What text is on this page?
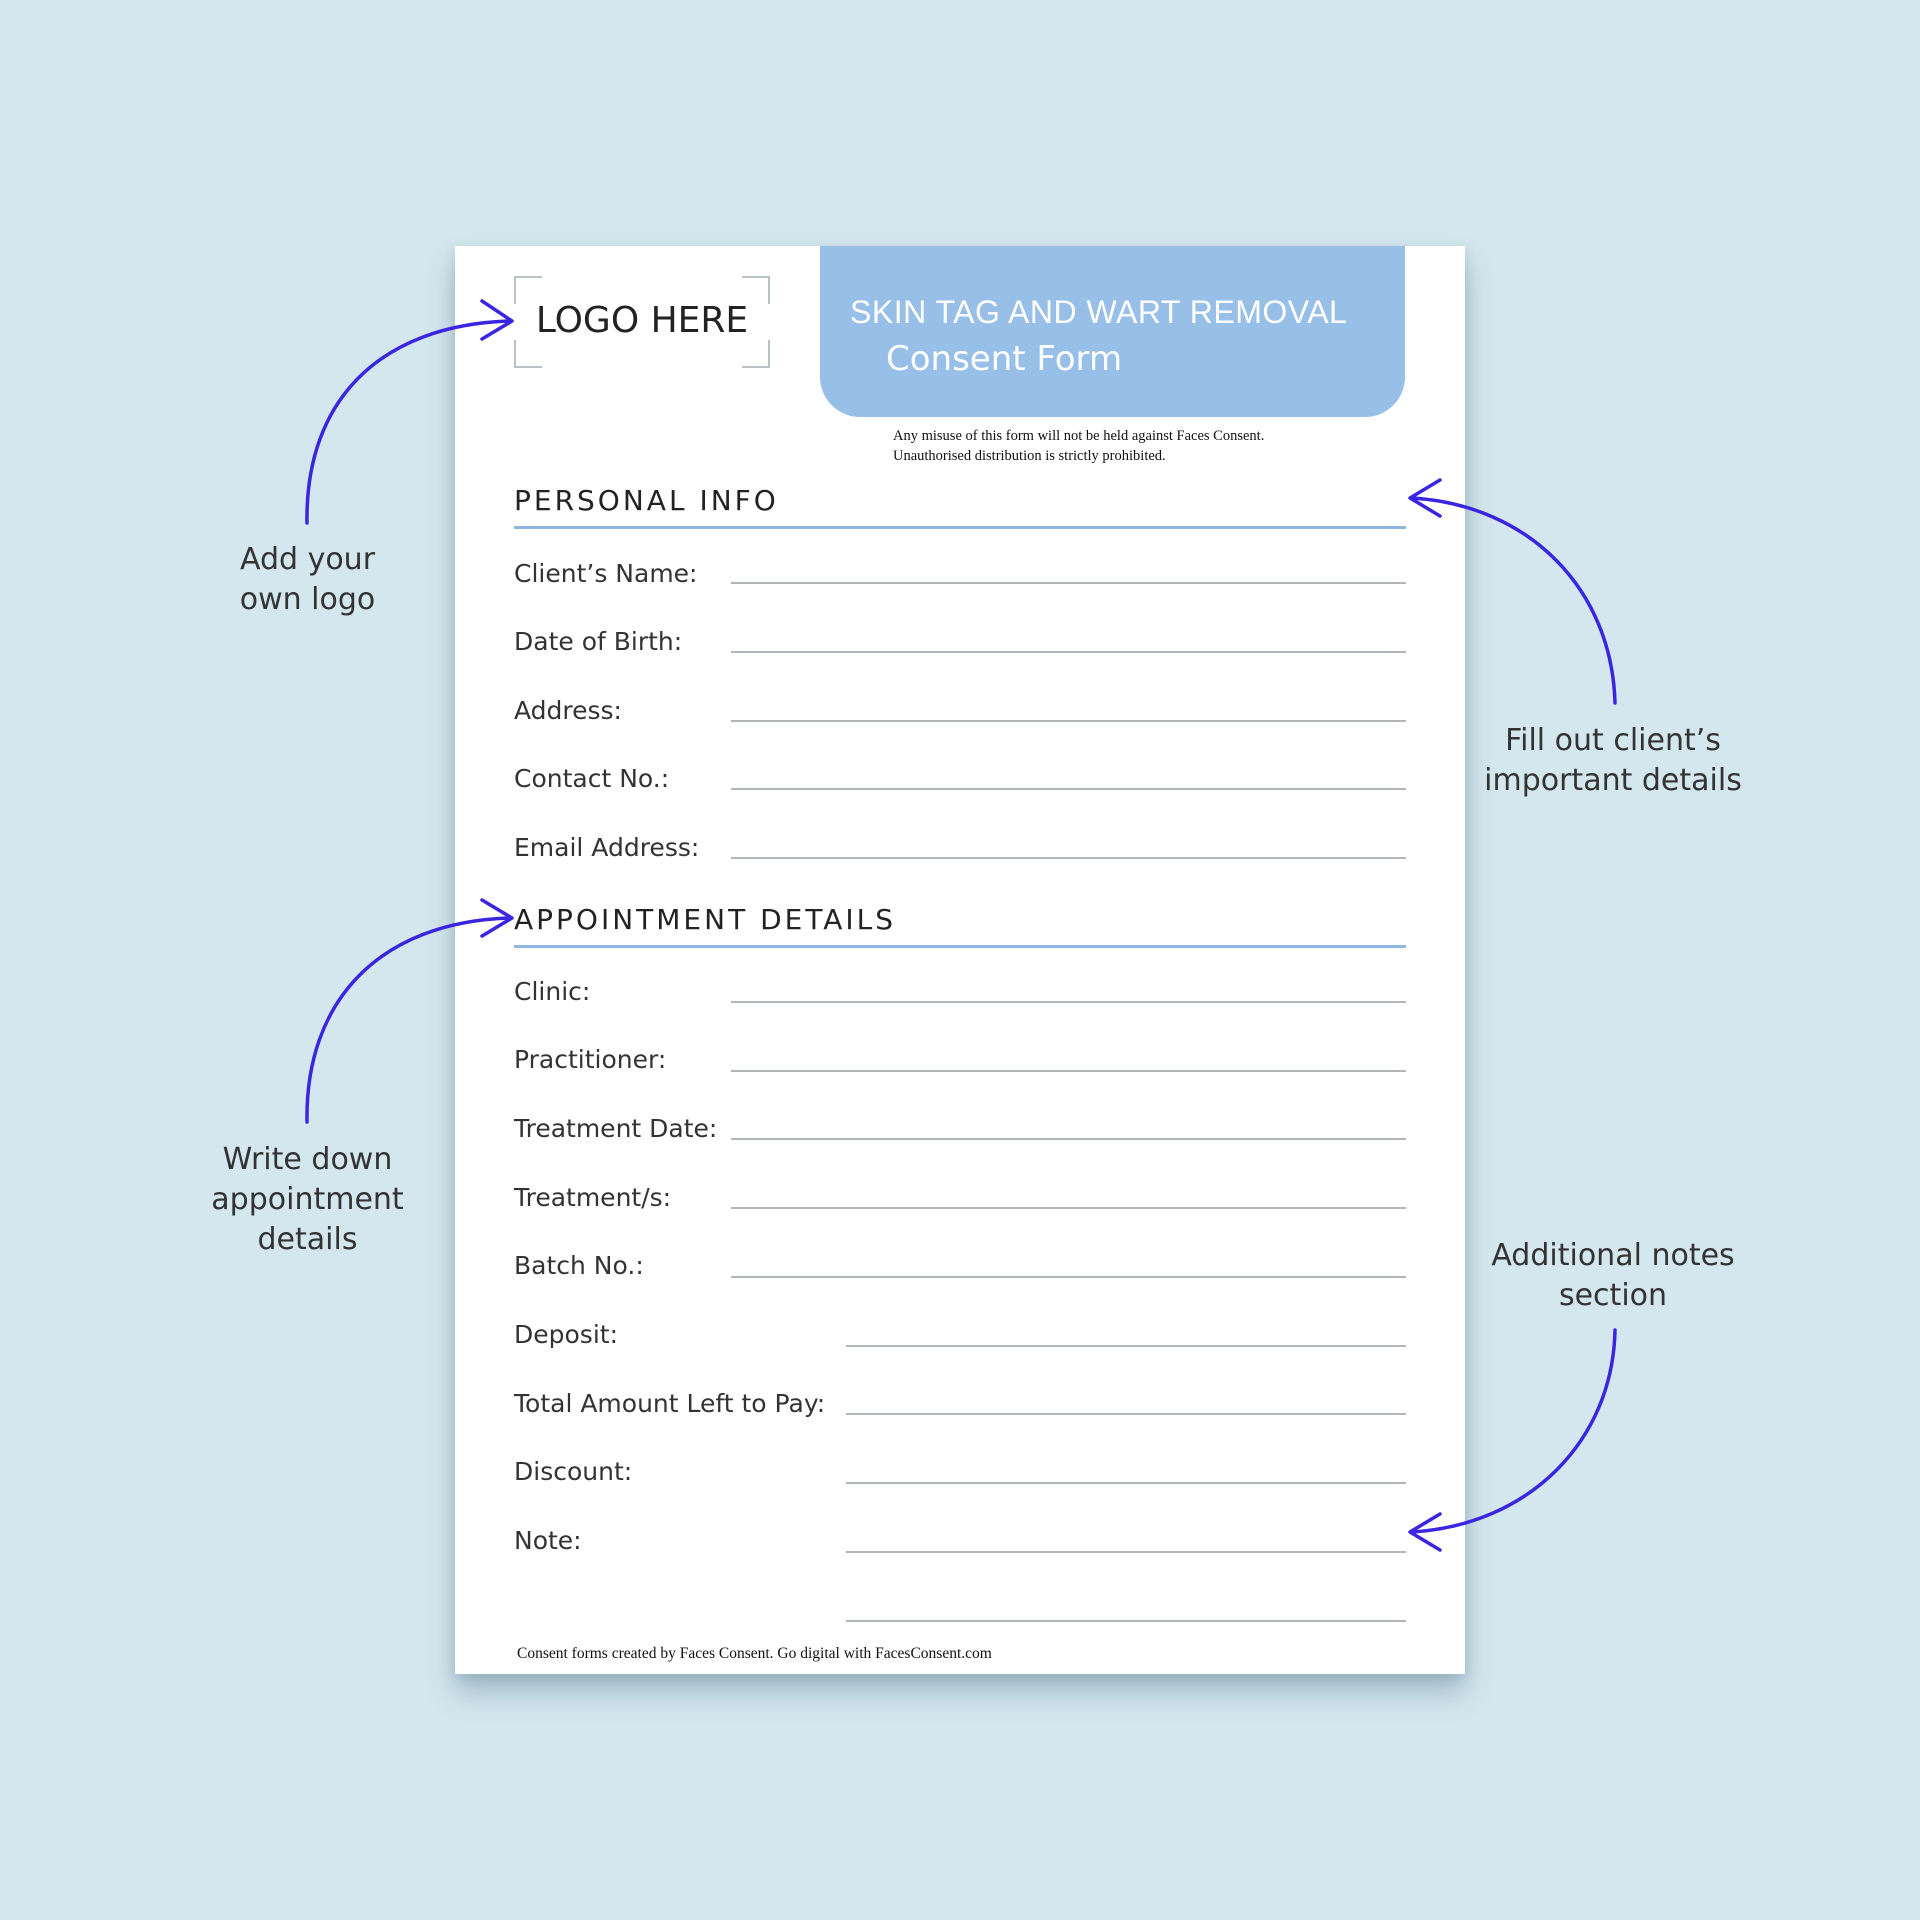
LOGO HERE	SKIN TAG AND WART REMOVAL
Consent Form
Any misuse of this form will not be held against Faces Consent.
Unauthorised distribution is strictly prohibited.
PERSONAL INFO
Client’s Name:
Date of Birth:
Address:
Contact No.:
Email Address:
APPOINTMENT DETAILS
Clinic:
Practitioner:
Treatment Date:
Treatment/s:
Batch No.:
Deposit:
Total Amount Left to Pay:
Discount:
Note:
Consent forms created by Faces Consent. Go digital with FacesConsent.com
Add your
own logo
Fill out client’s
important details
Write down
appointment
details	Additional notes
section
